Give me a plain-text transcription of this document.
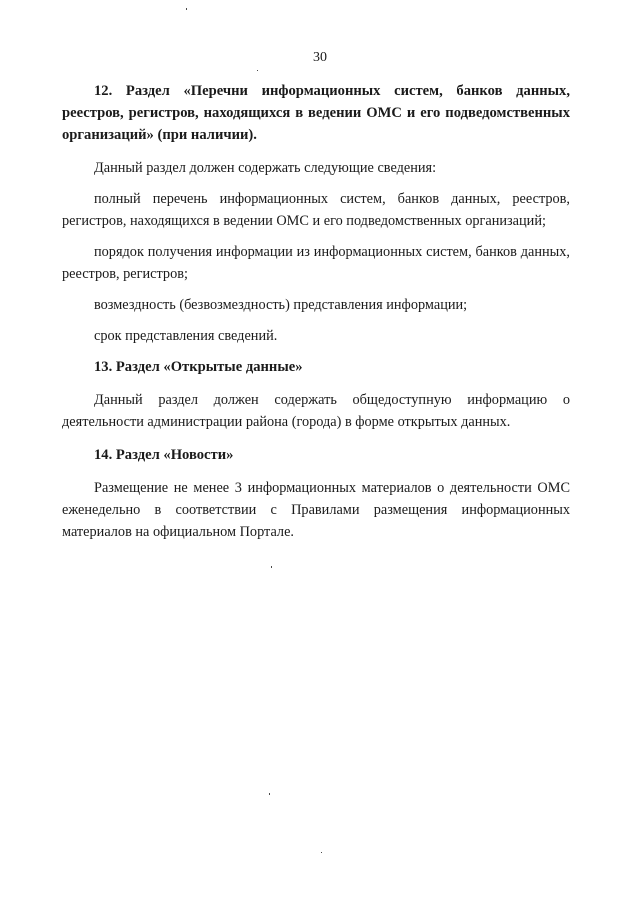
30

12. Раздел «Перечни информационных систем, банков данных, реестров, регистров, находящихся в ведении ОМС и его подведомственных организаций» (при наличии).

Данный раздел должен содержать следующие сведения:

полный перечень информационных систем, банков данных, реестров, регистров, находящихся в ведении ОМС и его подведомственных организаций;

порядок получения информации из информационных систем, банков данных, реестров, регистров;

возмездность (безвозмездность) представления информации;

срок представления сведений.

13. Раздел «Открытые данные»

Данный раздел должен содержать общедоступную информацию о деятельности администрации района (города) в форме открытых данных.

14. Раздел «Новости»

Размещение не менее 3 информационных материалов о деятельности ОМС еженедельно в соответствии с Правилами размещения информационных материалов на официальном Портале.
